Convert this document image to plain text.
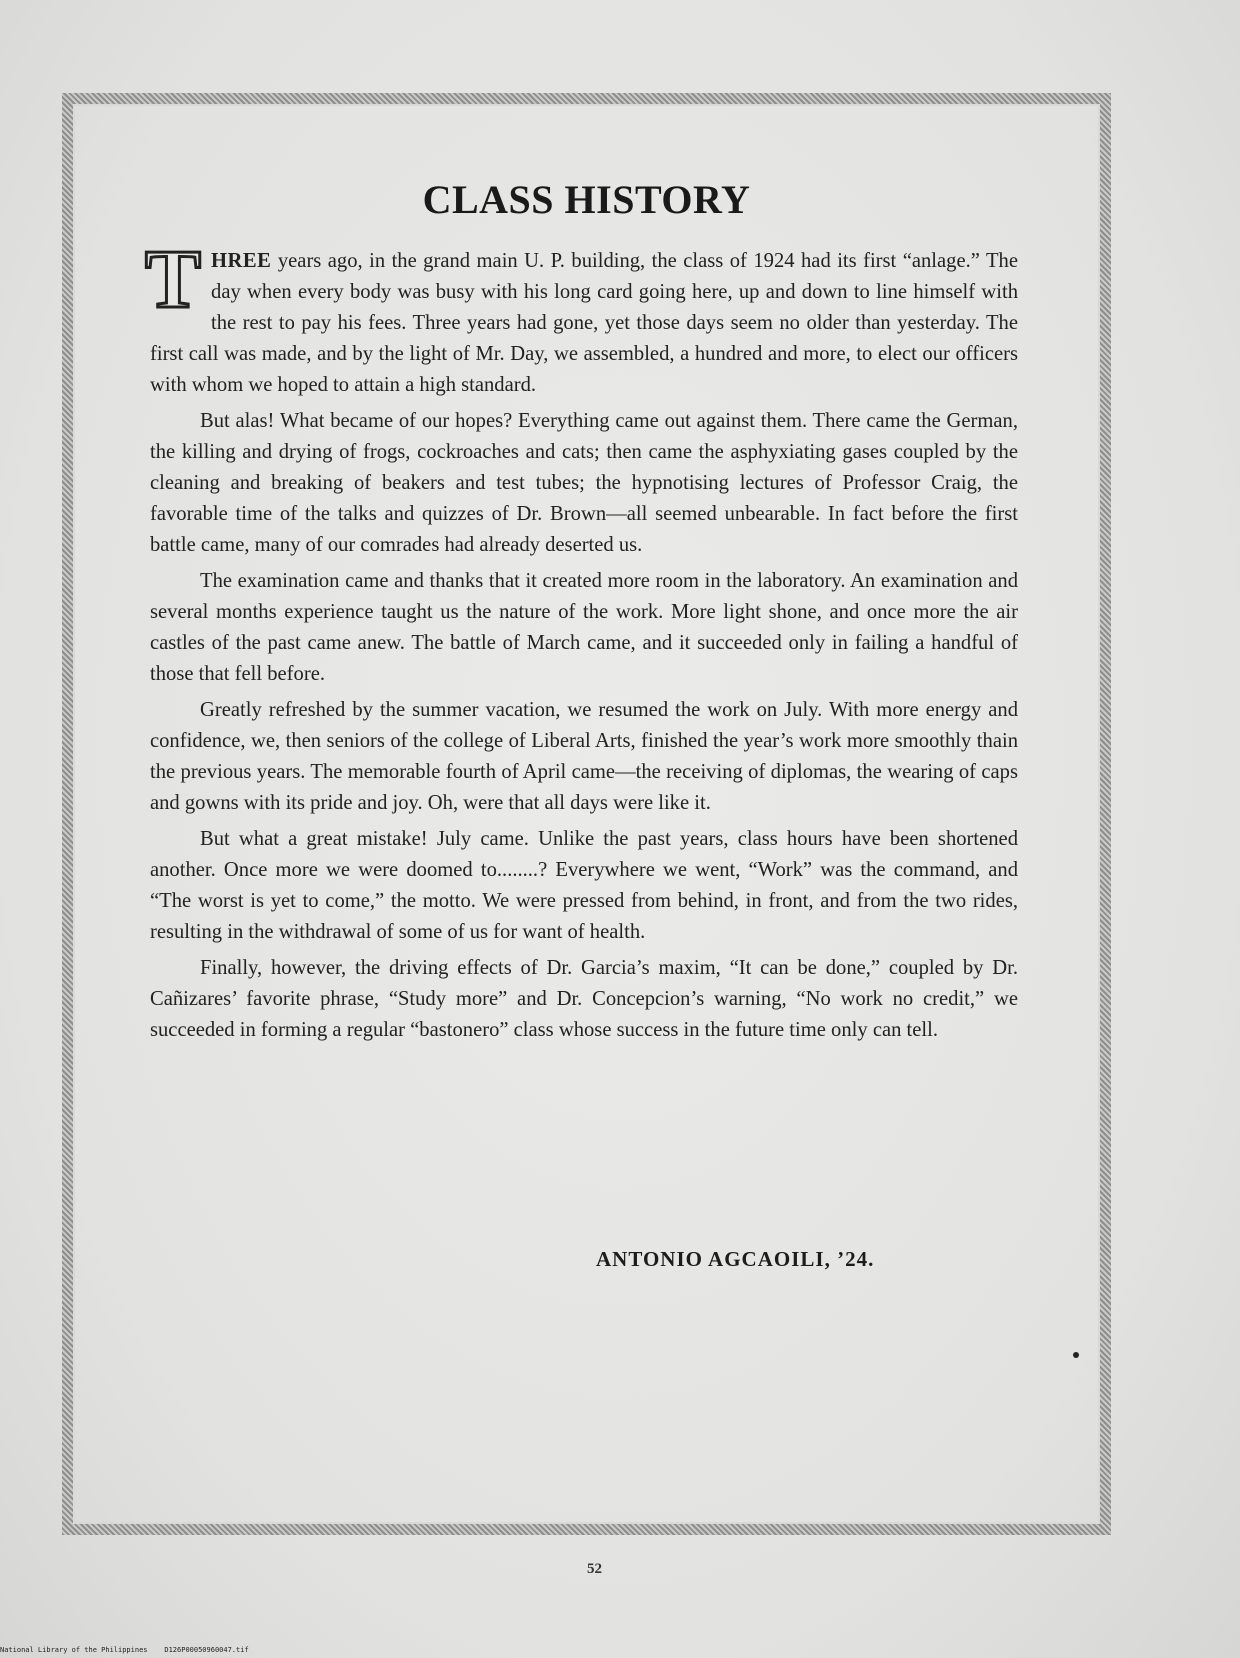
CLASS HISTORY

THREE years ago, in the grand main U. P. building, the class of 1924 had its first “anlage.” The day when every body was busy with his long card going here, up and down to line himself with the rest to pay his fees. Three years had gone, yet those days seem no older than yesterday. The first call was made, and by the light of Mr. Day, we assembled, a hundred and more, to elect our officers with whom we hoped to attain a high standard.

But alas! What became of our hopes? Everything came out against them. There came the German, the killing and drying of frogs, cockroaches and cats; then came the asphyxiating gases coupled by the cleaning and breaking of beakers and test tubes; the hypnotising lectures of Professor Craig, the favorable time of the talks and quizzes of Dr. Brown—all seemed unbearable. In fact before the first battle came, many of our comrades had already deserted us.

The examination came and thanks that it created more room in the laboratory. An examination and several months experience taught us the nature of the work. More light shone, and once more the air castles of the past came anew. The battle of March came, and it succeeded only in failing a handful of those that fell before.

Greatly refreshed by the summer vacation, we resumed the work on July. With more energy and confidence, we, then seniors of the college of Liberal Arts, finished the year’s work more smoothly thain the previous years. The memorable fourth of April came—the receiving of diplomas, the wearing of caps and gowns with its pride and joy. Oh, were that all days were like it.

But what a great mistake! July came. Unlike the past years, class hours have been shortened another. Once more we were doomed to........? Everywhere we went, “Work” was the command, and “The worst is yet to come,” the motto. We were pressed from behind, in front, and from the two rides, resulting in the withdrawal of some of us for want of health.

Finally, however, the driving effects of Dr. Garcia’s maxim, “It can be done,” coupled by Dr. Cañizares’ favorite phrase, “Study more” and Dr. Concepcion’s warning, “No work no credit,” we succeeded in forming a regular “bastonero” class whose success in the future time only can tell.

ANTONIO AGCAOILI, ’24.
52
National Library of the Philippines D126P00050960047.tif
